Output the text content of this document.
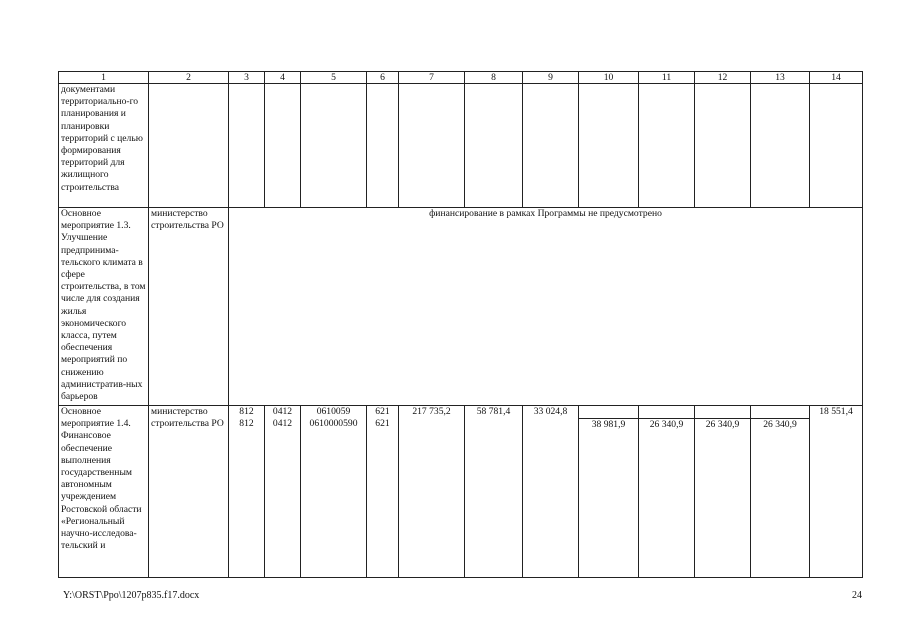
1	2	3	4	5	6	7	8	9	10	11	12	13	14
документами территориально-го планирования и планировки территорий с целью формирования территорий для жилищного строительства													
Основное мероприятие 1.3. Улучшение предпринима-тельского климата в сфере строительства, в том числе для создания жилья экономического класса, путем обеспечения мероприятий по снижению административ-ных барьеров	министерство строительства РО	финансирование в рамках Программы не предусмотрено											
Основное мероприятие 1.4. Финансовое обеспечение выполнения государственным автономным учреждением Ростовской области «Региональный научно-исследова-тельский и	министерство строительства РО	812	0412	0610059	621	217 735,2	58 781,4	33 024,8					18 551,4
		812	0412	0610000590	621				38 981,9	26 340,9	26 340,9	26 340,9	
Y:\ORST\Ppo\1207p835.f17.docx	24
